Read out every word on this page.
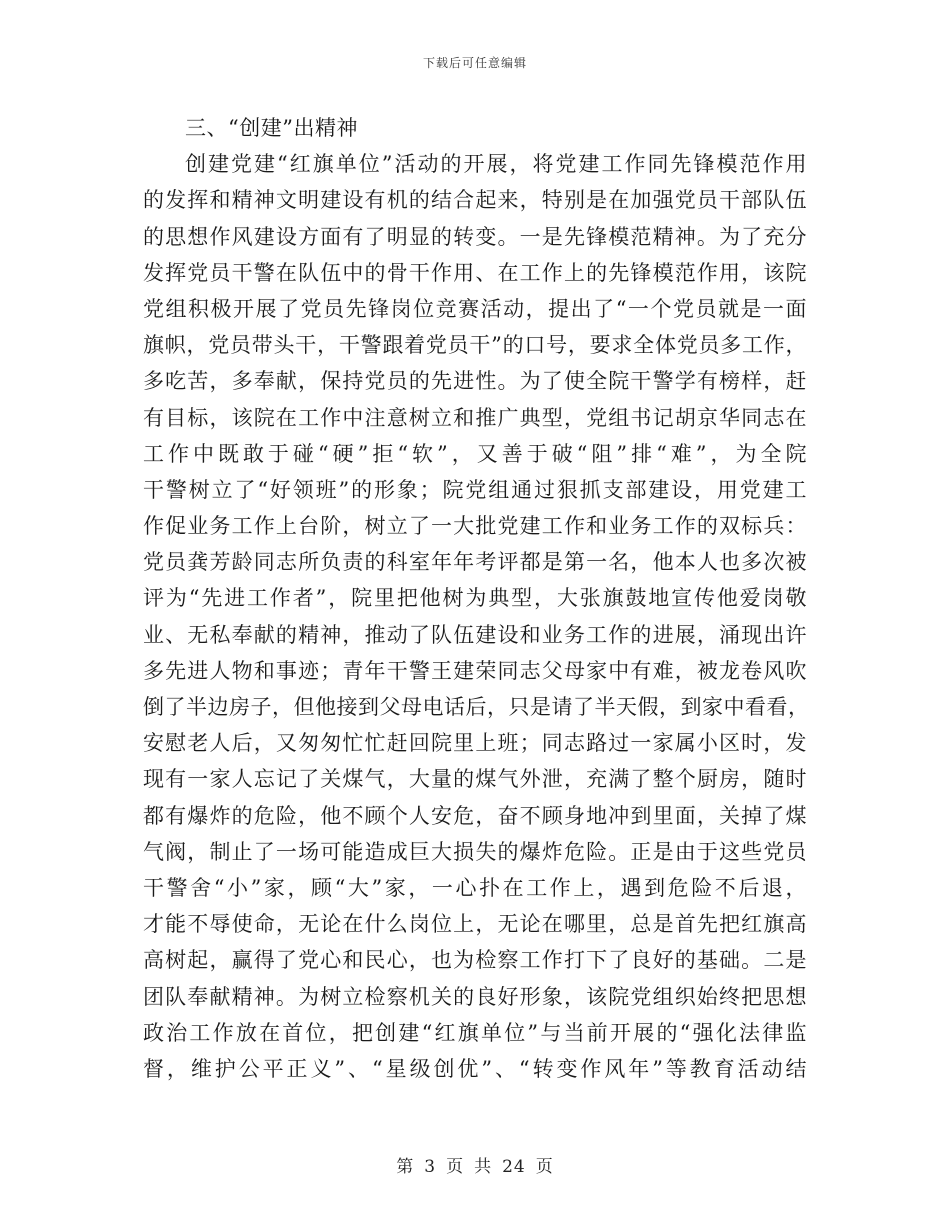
下载后可任意编辑
三、“创建”出精神
创建党建“红旗单位”活动的开展，将党建工作同先锋模范作用
的发挥和精神文明建设有机的结合起来，特别是在加强党员干部队伍
的思想作风建设方面有了明显的转变。一是先锋模范精神。为了充分
发挥党员干警在队伍中的骨干作用、在工作上的先锋模范作用，该院
党组积极开展了党员先锋岗位竞赛活动，提出了“一个党员就是一面
旗帜，党员带头干，干警跟着党员干”的口号，要求全体党员多工作，
多吃苦，多奉献，保持党员的先进性。为了使全院干警学有榜样，赶
有目标，该院在工作中注意树立和推广典型，党组书记胡京华同志在
工作中既敢于碰“硬”拒“软”，又善于破“阻”排“难”，为全院
干警树立了“好领班”的形象；院党组通过狠抓支部建设，用党建工
作促业务工作上台阶，树立了一大批党建工作和业务工作的双标兵：
党员龚芳龄同志所负责的科室年年考评都是第一名，他本人也多次被
评为“先进工作者”，院里把他树为典型，大张旗鼓地宣传他爱岗敬
业、无私奉献的精神，推动了队伍建设和业务工作的进展，涌现出许
多先进人物和事迹；青年干警王建荣同志父母家中有难，被龙卷风吹
倒了半边房子，但他接到父母电话后，只是请了半天假，到家中看看，
安慰老人后，又匆匆忙忙赶回院里上班；同志路过一家属小区时，发
现有一家人忘记了关煤气，大量的煤气外泄，充满了整个厨房，随时
都有爆炸的危险，他不顾个人安危，奋不顾身地冲到里面，关掉了煤
气阀，制止了一场可能造成巨大损失的爆炸危险。正是由于这些党员
干警舍“小”家，顾“大”家，一心扑在工作上，遇到危险不后退，
才能不辱使命，无论在什么岗位上，无论在哪里，总是首先把红旗高
高树起，赢得了党心和民心，也为检察工作打下了良好的基础。二是
团队奉献精神。为树立检察机关的良好形象，该院党组织始终把思想
政治工作放在首位，把创建“红旗单位”与当前开展的“强化法律监
督，维护公平正义”、“星级创优”、“转变作风年”等教育活动结
第 3 页 共 24 页
